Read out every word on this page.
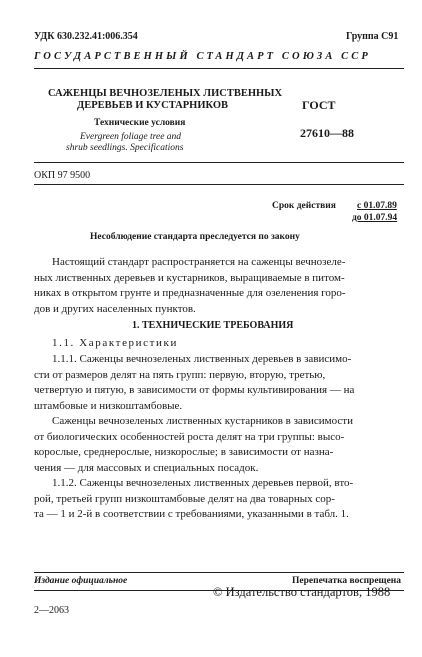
УДК 630.232.41:006.354	Группа С91
ГОСУДАРСТВЕННЫЙ СТАНДАРТ СОЮЗА ССР
САЖЕНЦЫ ВЕЧНОЗЕЛЕНЫХ ЛИСТВЕННЫХ
ДЕРЕВЬЕВ И КУСТАРНИКОВ
Технические условия
Evergreen foliage tree and
shrub seedlings. Specifications
ГОСТ
27610—88
ОКП 97 9500
Срок действия с 01.07.89
до 01.07.94
Несоблюдение стандарта преследуется по закону
Настоящий стандарт распространяется на саженцы вечнозеле-
ных лиственных деревьев и кустарников, выращиваемые в питом-
никах в открытом грунте и предназначенные для озеленения горо-
дов и других населенных пунктов.
1. ТЕХНИЧЕСКИЕ ТРЕБОВАНИЯ
1.1. Характеристики
1.1.1. Саженцы вечнозеленых лиственных деревьев в зависимо-
сти от размеров делят на пять групп: первую, вторую, третью,
четвертую и пятую, в зависимости от формы культивирования — на
штамбовые и низкоштамбовые.
Саженцы вечнозеленых лиственных кустарников в зависимости
от биологических особенностей роста делят на три группы: высо-
корослые, среднерослые, низкорослые; в зависимости от назна-
чения — для массовых и специальных посадок.
1.1.2. Саженцы вечнозеленых лиственных деревьев первой, вто-
рой, третьей групп низкоштамбовые делят на два товарных сор-
та — 1 и 2-й в соответствии с требованиями, указанными в табл. 1.
Издание официальное	Перепечатка воспрещена
© Издательство стандартов, 1988
2—2063
